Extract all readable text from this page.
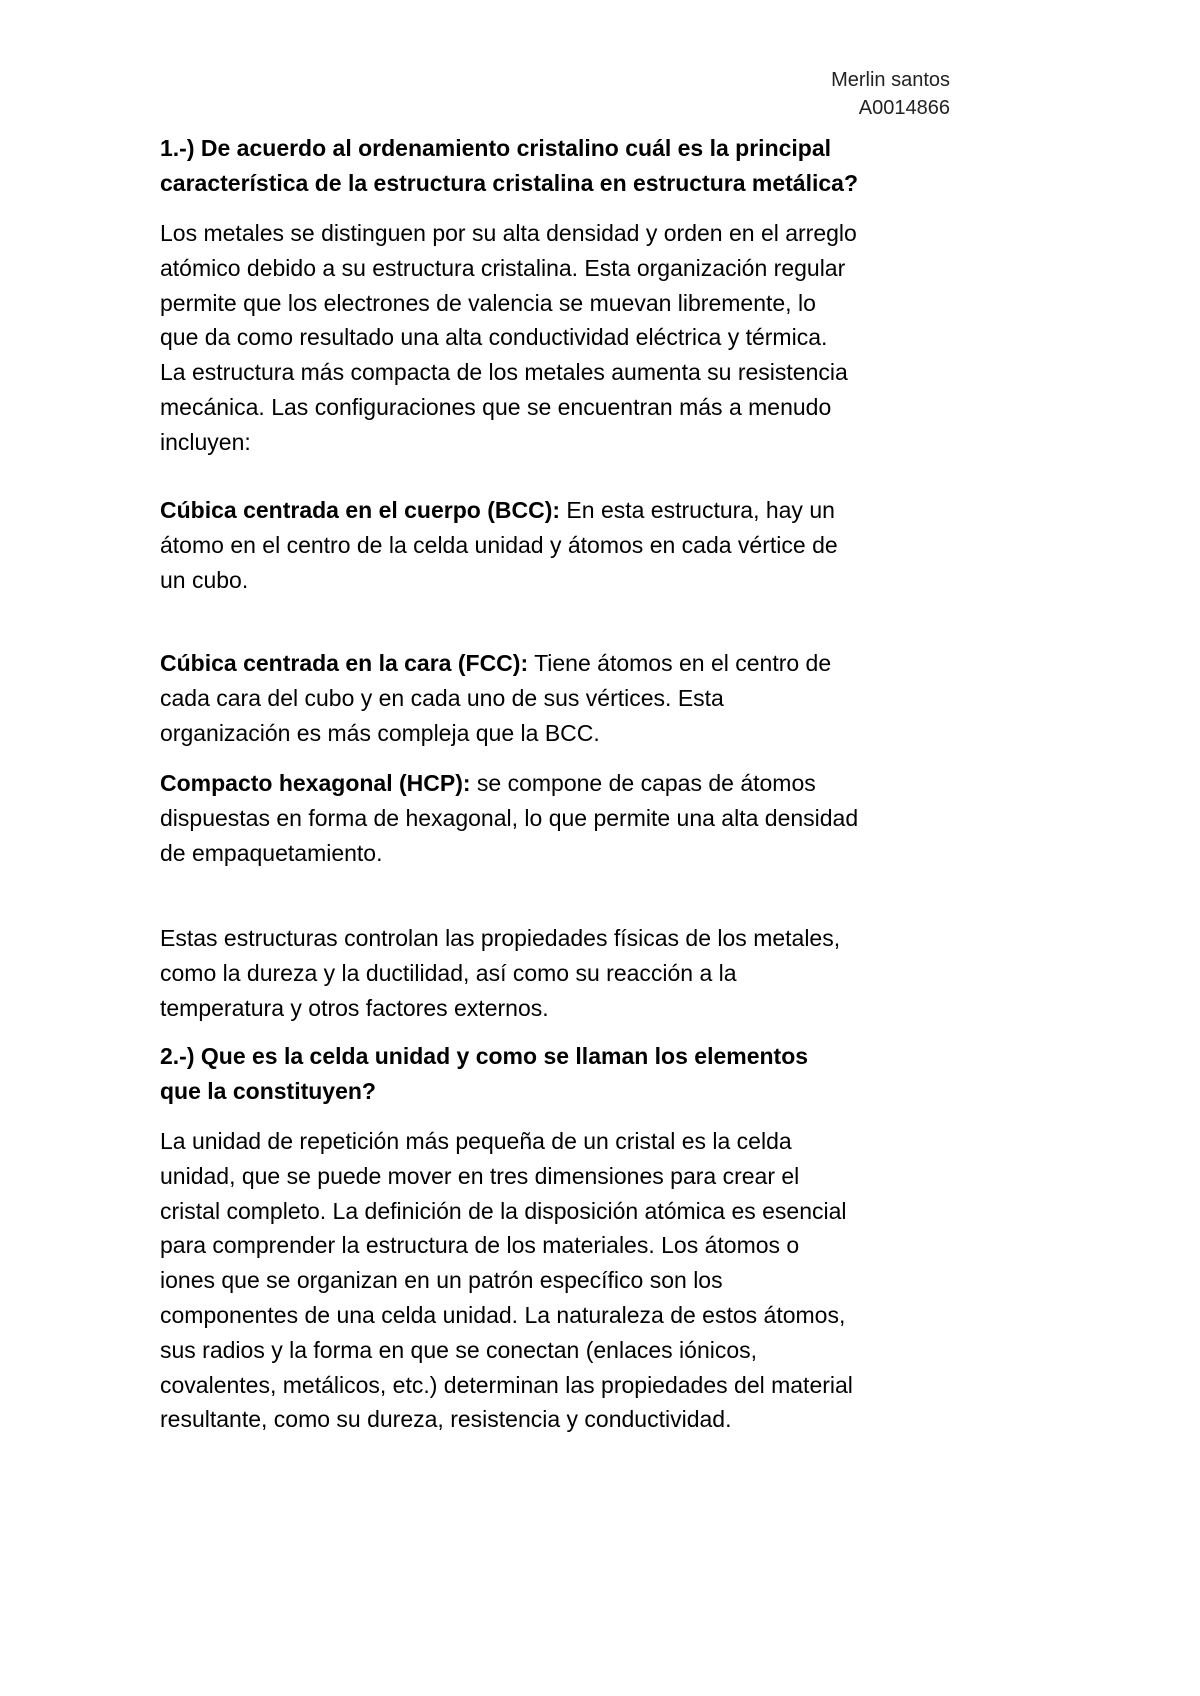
Merlin santos
A0014866
1.-) De acuerdo al ordenamiento cristalino cuál es la principal
característica de la estructura cristalina en estructura metálica?
Los metales se distinguen por su alta densidad y orden en el arreglo
atómico debido a su estructura cristalina. Esta organización regular
permite que los electrones de valencia se muevan libremente, lo
que da como resultado una alta conductividad eléctrica y térmica.
La estructura más compacta de los metales aumenta su resistencia
mecánica. Las configuraciones que se encuentran más a menudo
incluyen:
Cúbica centrada en el cuerpo (BCC): En esta estructura, hay un
átomo en el centro de la celda unidad y átomos en cada vértice de
un cubo.
Cúbica centrada en la cara (FCC): Tiene átomos en el centro de
cada cara del cubo y en cada uno de sus vértices. Esta
organización es más compleja que la BCC.
Compacto hexagonal (HCP): se compone de capas de átomos
dispuestas en forma de hexagonal, lo que permite una alta densidad
de empaquetamiento.
Estas estructuras controlan las propiedades físicas de los metales,
como la dureza y la ductilidad, así como su reacción a la
temperatura y otros factores externos.
2.-) Que es la celda unidad y como se llaman los elementos
que la constituyen?
La unidad de repetición más pequeña de un cristal es la celda
unidad, que se puede mover en tres dimensiones para crear el
cristal completo. La definición de la disposición atómica es esencial
para comprender la estructura de los materiales. Los átomos o
iones que se organizan en un patrón específico son los
componentes de una celda unidad. La naturaleza de estos átomos,
sus radios y la forma en que se conectan (enlaces iónicos,
covalentes, metálicos, etc.) determinan las propiedades del material
resultante, como su dureza, resistencia y conductividad.
